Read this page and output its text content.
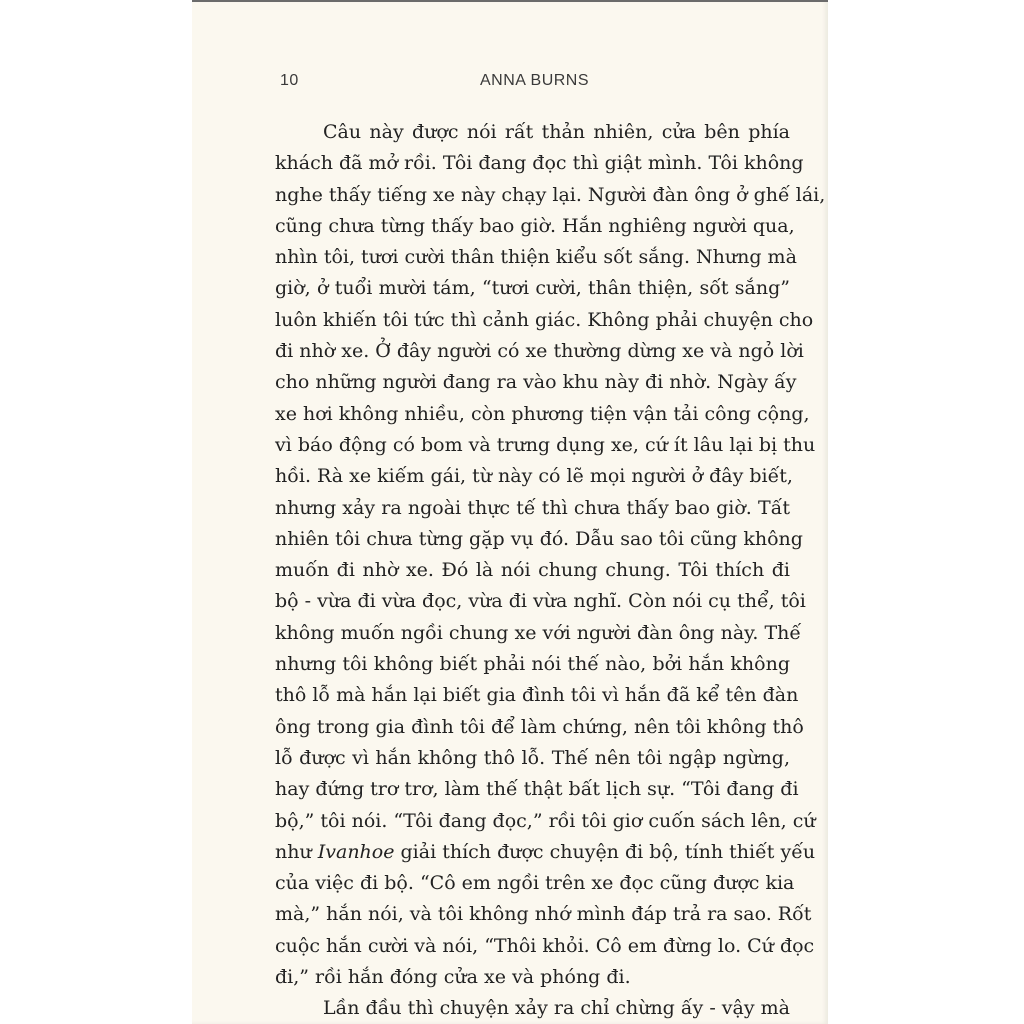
10	ANNA BURNS
Câu này được nói rất thản nhiên, cửa bên phía
khách đã mở rồi. Tôi đang đọc thì giật mình. Tôi không
nghe thấy tiếng xe này chạy lại. Người đàn ông ở ghế lái,
cũng chưa từng thấy bao giờ. Hắn nghiêng người qua,
nhìn tôi, tươi cười thân thiện kiểu sốt sắng. Nhưng mà
giờ, ở tuổi mười tám, “tươi cười, thân thiện, sốt sắng”
luôn khiến tôi tức thì cảnh giác. Không phải chuyện cho
đi nhờ xe. Ở đây người có xe thường dừng xe và ngỏ lời
cho những người đang ra vào khu này đi nhờ. Ngày ấy
xe hơi không nhiều, còn phương tiện vận tải công cộng,
vì báo động có bom và trưng dụng xe, cứ ít lâu lại bị thu
hồi. Rà xe kiếm gái, từ này có lẽ mọi người ở đây biết,
nhưng xảy ra ngoài thực tế thì chưa thấy bao giờ. Tất
nhiên tôi chưa từng gặp vụ đó. Dẫu sao tôi cũng không
muốn đi nhờ xe. Đó là nói chung chung. Tôi thích đi
bộ - vừa đi vừa đọc, vừa đi vừa nghĩ. Còn nói cụ thể, tôi
không muốn ngồi chung xe với người đàn ông này. Thế
nhưng tôi không biết phải nói thế nào, bởi hắn không
thô lỗ mà hắn lại biết gia đình tôi vì hắn đã kể tên đàn
ông trong gia đình tôi để làm chứng, nên tôi không thô
lỗ được vì hắn không thô lỗ. Thế nên tôi ngập ngừng,
hay đứng trơ trơ, làm thế thật bất lịch sự. “Tôi đang đi
bộ,” tôi nói. “Tôi đang đọc,” rồi tôi giơ cuốn sách lên, cứ
như Ivanhoe giải thích được chuyện đi bộ, tính thiết yếu
của việc đi bộ. “Cô em ngồi trên xe đọc cũng được kia
mà,” hắn nói, và tôi không nhớ mình đáp trả ra sao. Rốt
cuộc hắn cười và nói, “Thôi khỏi. Cô em đừng lo. Cứ đọc
đi,” rồi hắn đóng cửa xe và phóng đi.
Lần đầu thì chuyện xảy ra chỉ chừng ấy - vậy mà
